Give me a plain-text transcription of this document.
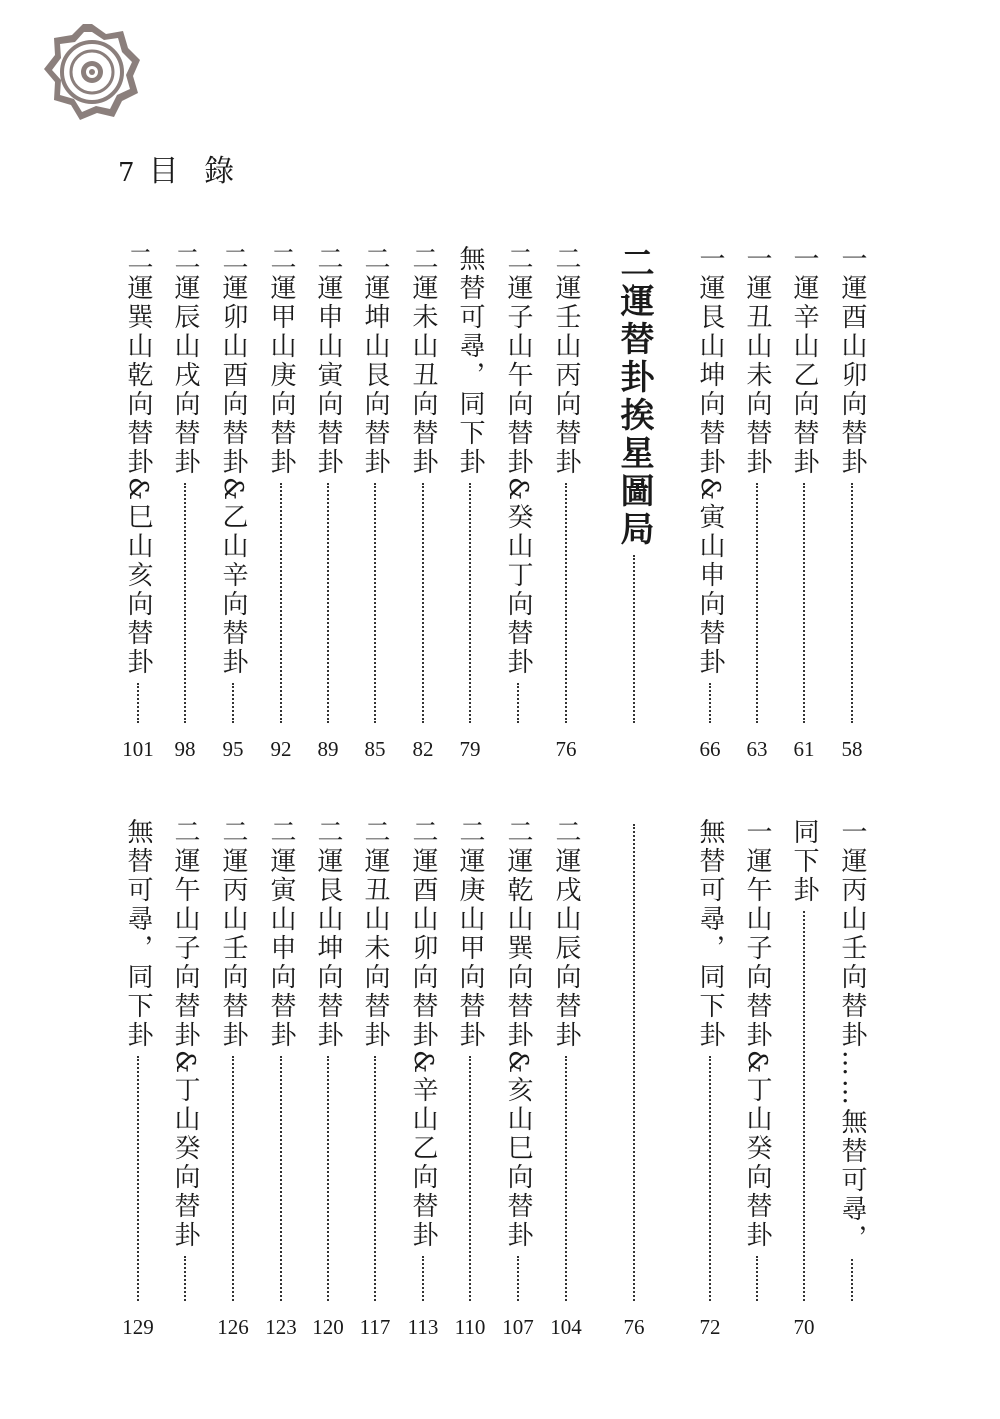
7 目 錄
一運酉山卯向替卦
58
一運辛山乙向替卦
61
一運丑山未向替卦
63
一運艮山坤向替卦&寅山申向替卦
66
二運替卦挨星圖局
二運壬山丙向替卦
76
二運子山午向替卦&癸山丁向替卦
無替可尋，同下卦
79
二運未山丑向替卦
82
二運坤山艮向替卦
85
二運申山寅向替卦
89
二運甲山庚向替卦
92
二運卯山酉向替卦&乙山辛向替卦
95
二運辰山戌向替卦
98
二運巽山乾向替卦&巳山亥向替卦
101
一運丙山壬向替卦……無替可尋，
同下卦
70
一運午山子向替卦&丁山癸向替卦
無替可尋，同下卦
72
76
二運戌山辰向替卦
104
二運乾山巽向替卦&亥山巳向替卦
107
二運庚山甲向替卦
110
二運酉山卯向替卦&辛山乙向替卦
113
二運丑山未向替卦
117
二運艮山坤向替卦
120
二運寅山申向替卦
123
二運丙山壬向替卦
126
二運午山子向替卦&丁山癸向替卦
無替可尋，同下卦
129
